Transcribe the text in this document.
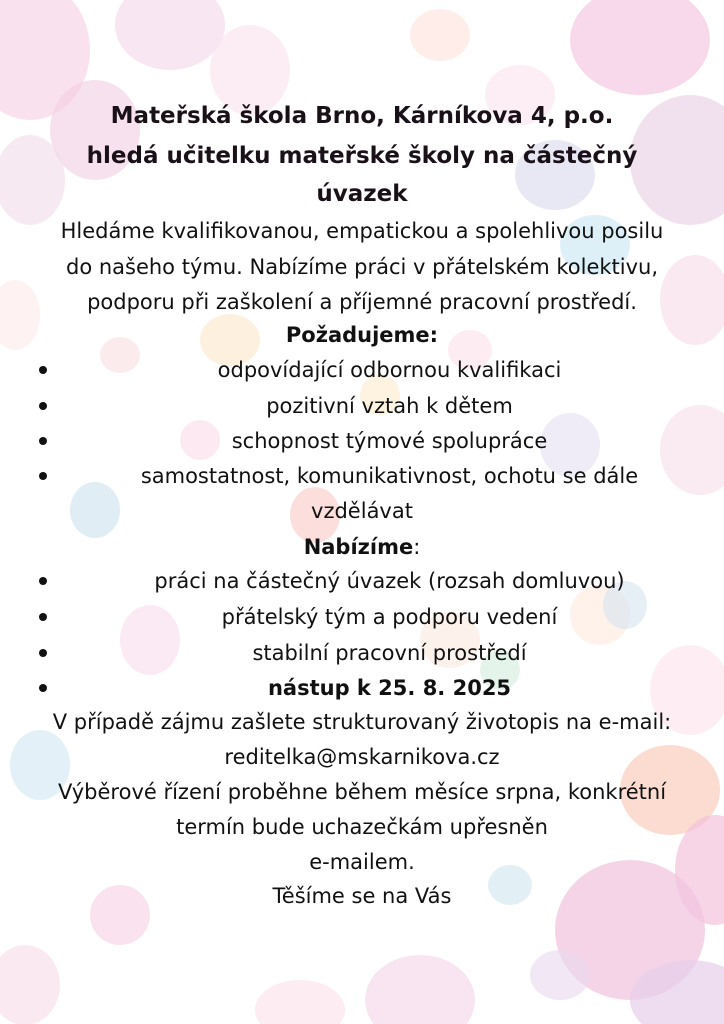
Mateřská škola Brno, Kárníkova 4, p.o.
hledá učitelku mateřské školy na částečný
úvazek
Hledáme kvalifikovanou, empatickou a spolehlivou posilu
do našeho týmu. Nabízíme práci v přátelském kolektivu,
podporu při zaškolení a příjemné pracovní prostředí.
Požadujeme:
odpovídající odbornou kvalifikaci
pozitivní vztah k dětem
schopnost týmové spolupráce
samostatnost, komunikativnost, ochotu se dále
vzdělávat
Nabízíme:
práci na částečný úvazek (rozsah domluvou)
přátelský tým a podporu vedení
stabilní pracovní prostředí
nástup k 25. 8. 2025
V případě zájmu zašlete strukturovaný životopis na e-mail:
reditelka@mskarnikova.cz
Výběrové řízení proběhne během měsíce srpna, konkrétní
termín bude uchazečkám upřesněn
e-mailem.
Těšíme se na Vás
